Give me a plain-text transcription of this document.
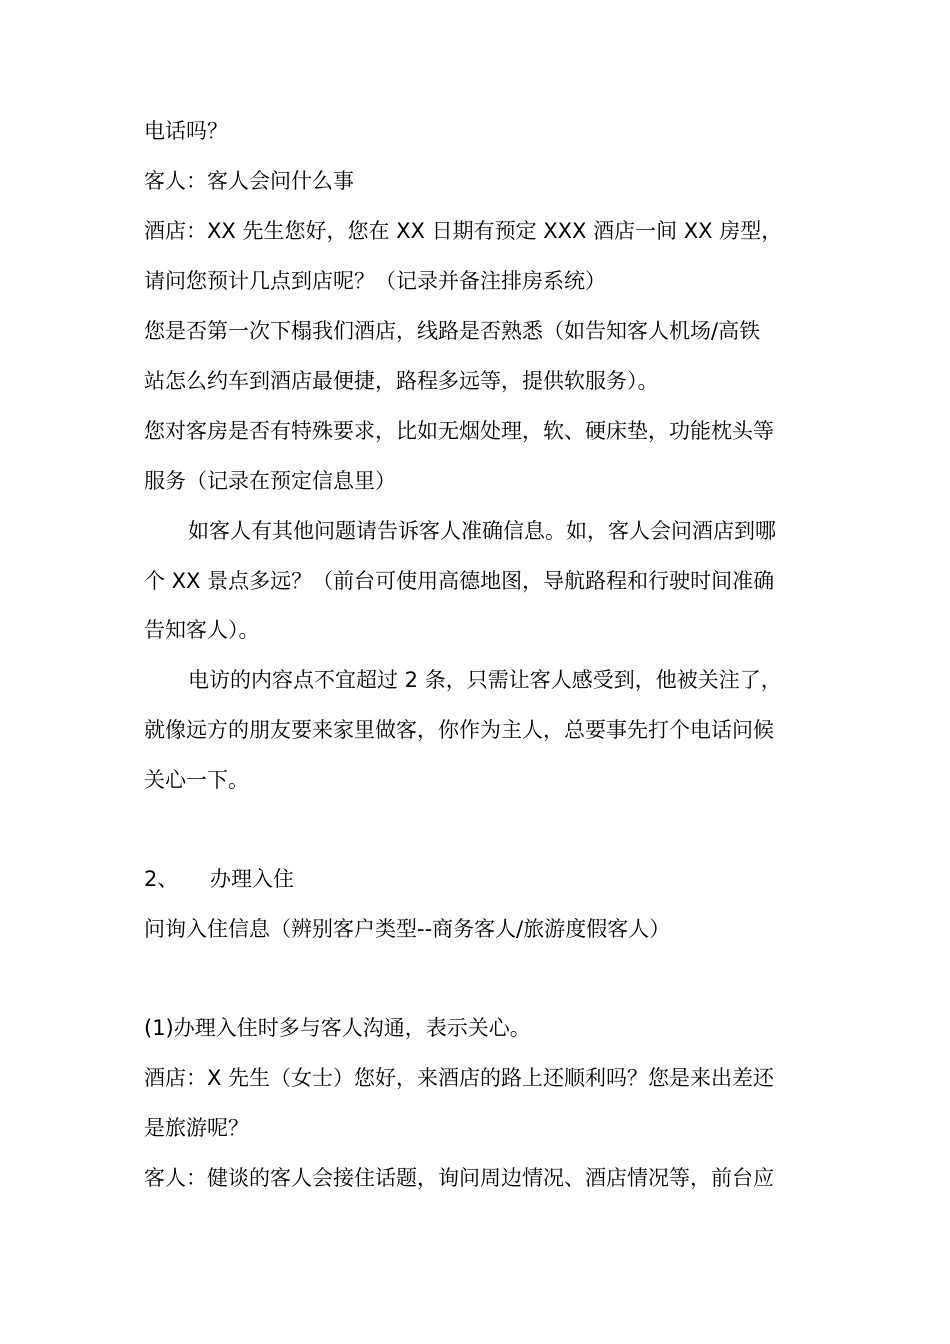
电话吗？
客人：客人会问什么事
酒店：XX 先生您好，您在 XX 日期有预定 XXX 酒店一间 XX 房型，
请问您预计几点到店呢？（记录并备注排房系统）
您是否第一次下榻我们酒店，线路是否熟悉（如告知客人机场/高铁
站怎么约车到酒店最便捷，路程多远等，提供软服务）。
您对客房是否有特殊要求，比如无烟处理，软、硬床垫，功能枕头等
服务（记录在预定信息里）
如客人有其他问题请告诉客人准确信息。如，客人会问酒店到哪
个 XX 景点多远？（前台可使用高德地图，导航路程和行驶时间准确
告知客人）。
电访的内容点不宜超过 2 条，只需让客人感受到，他被关注了，
就像远方的朋友要来家里做客，你作为主人，总要事先打个电话问候
关心一下。
2、	办理入住
问询入住信息（辨别客户类型--商务客人/旅游度假客人）
(1)办理入住时多与客人沟通，表示关心。
酒店：X 先生（女士）您好，来酒店的路上还顺利吗？您是来出差还
是旅游呢？
客人：健谈的客人会接住话题，询问周边情况、酒店情况等，前台应
